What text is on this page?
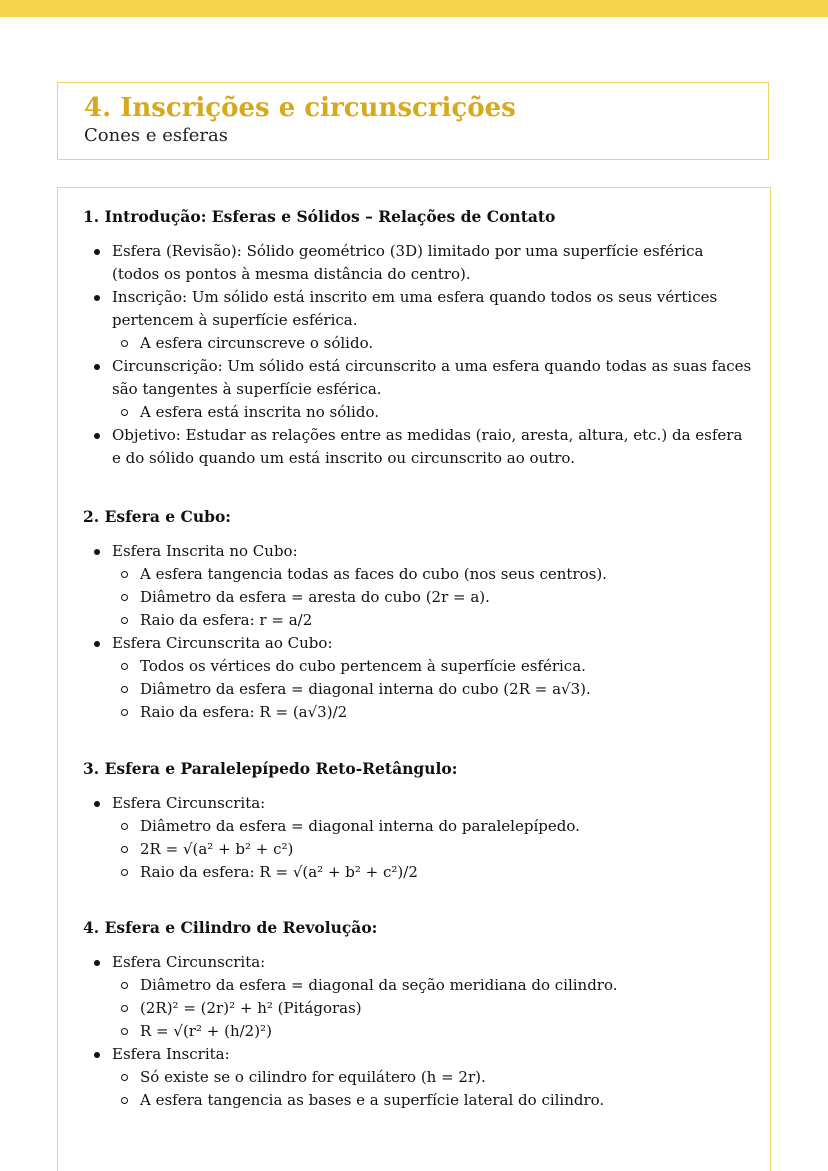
4. Inscrições e circunscrições
Cones e esferas
1. Introdução: Esferas e Sólidos – Relações de Contato
Esfera (Revisão): Sólido geométrico (3D) limitado por uma superfície esférica (todos os pontos à mesma distância do centro).
Inscrição: Um sólido está inscrito em uma esfera quando todos os seus vértices pertencem à superfície esférica.
A esfera circunscreve o sólido.
Circunscrição: Um sólido está circunscrito a uma esfera quando todas as suas faces são tangentes à superfície esférica.
A esfera está inscrita no sólido.
Objetivo: Estudar as relações entre as medidas (raio, aresta, altura, etc.) da esfera e do sólido quando um está inscrito ou circunscrito ao outro.
2. Esfera e Cubo:
Esfera Inscrita no Cubo:
A esfera tangencia todas as faces do cubo (nos seus centros).
Diâmetro da esfera = aresta do cubo (2r = a).
Raio da esfera: r = a/2
Esfera Circunscrita ao Cubo:
Todos os vértices do cubo pertencem à superfície esférica.
Diâmetro da esfera = diagonal interna do cubo (2R = a√3).
Raio da esfera: R = (a√3)/2
3. Esfera e Paralelepípedo Reto-Retângulo:
Esfera Circunscrita:
Diâmetro da esfera = diagonal interna do paralelepípedo.
2R = √(a² + b² + c²)
Raio da esfera: R = √(a² + b² + c²)/2
4. Esfera e Cilindro de Revolução:
Esfera Circunscrita:
Diâmetro da esfera = diagonal da seção meridiana do cilindro.
(2R)² = (2r)² + h² (Pitágoras)
R = √(r² + (h/2)²)
Esfera Inscrita:
Só existe se o cilindro for equilátero (h = 2r).
A esfera tangencia as bases e a superfície lateral do cilindro.
